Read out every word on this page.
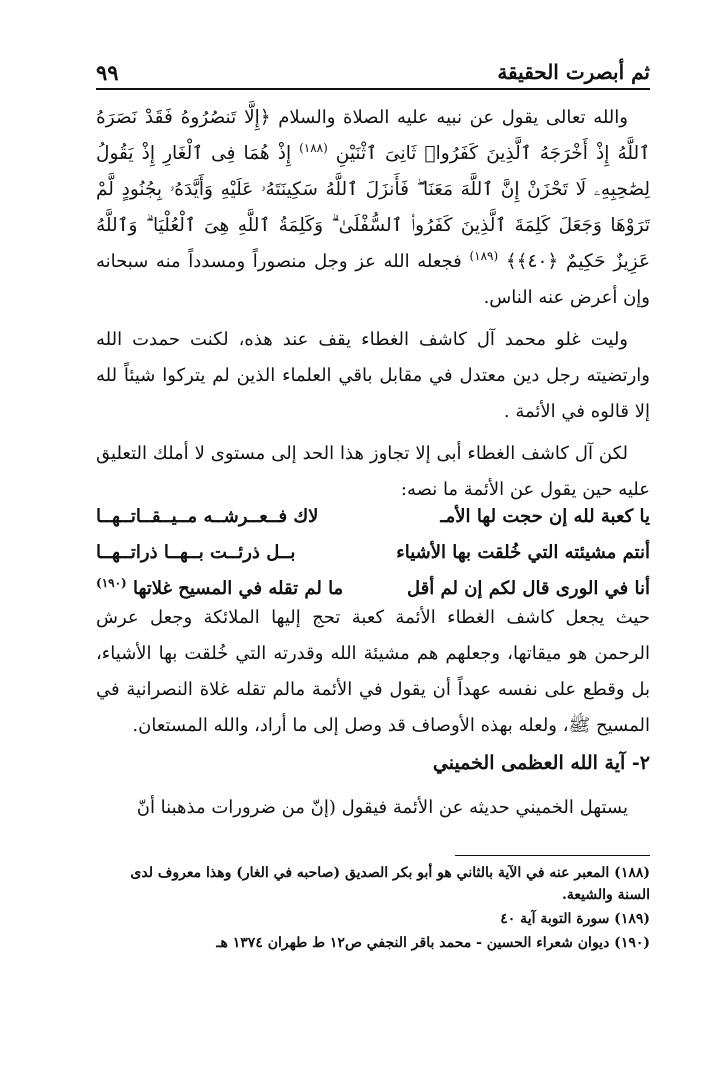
٩٩	ثم أبصرت الحقيقة

والله تعالى يقول عن نبيه عليه الصلاة والسلام ﴿إِلَّا تَنصُرُوهُ فَقَدْ نَصَرَهُ ٱللَّهُ إِذْ أَخْرَجَهُ ٱلَّذِينَ كَفَرُوا۟ ثَانِىَ ٱثْنَيْنِ $^{(١٨٨)}$ إِذْ هُمَا فِى ٱلْغَارِ إِذْ يَقُولُ لِصَٰحِبِهِۦ لَا تَحْزَنْ إِنَّ ٱللَّهَ مَعَنَا ۖ فَأَنزَلَ ٱللَّهُ سَكِينَتَهُۥ عَلَيْهِ وَأَيَّدَهُۥ بِجُنُودٍ لَّمْ تَرَوْهَا وَجَعَلَ كَلِمَةَ ٱلَّذِينَ كَفَرُوا۟ ٱلسُّفْلَىٰ ۗ وَكَلِمَةُ ٱللَّهِ هِىَ ٱلْعُلْيَا ۗ وَٱللَّهُ عَزِيزٌ حَكِيمٌ ﴿٤٠﴾﴾ $^{(١٨٩)}$ فجعله الله عز وجل منصوراً ومسدداً منه سبحانه وإن أعرض عنه الناس.

وليت غلو محمد آل كاشف الغطاء يقف عند هذه، لكنت حمدت الله وارتضيته رجل دين معتدل في مقابل باقي العلماء الذين لم يتركوا شيئاً لله إلا قالوه في الأئمة .

لكن آل كاشف الغطاء أبى إلا تجاوز هذا الحد إلى مستوى لا أملك التعليق عليه حين يقول عن الأئمة ما نصه:

يا كعبة لله إن حجت لها الأمـ
لاك فــعــرشــه مــيــقــاتــهــا
أنتم مشيئته التي خُلقت بها الأشياء
بــل ذرئــت بــهــا ذراتــهــا
أنا في الورى قال لكم إن لم أقل
ما لم تقله في المسيح غلاتها $^{(١٩٠)}$

حيث يجعل كاشف الغطاء الأئمة كعبة تحج إليها الملائكة وجعل عرش الرحمن هو ميقاتها، وجعلهم هم مشيئة الله وقدرته التي خُلقت بها الأشياء، بل وقطع على نفسه عهداً أن يقول في الأئمة مالم تقله غلاة النصرانية في المسيح ﷺ، ولعله بهذه الأوصاف قد وصل إلى ما أراد، والله المستعان.

٢- آية الله العظمى الخميني
يستهل الخميني حديثه عن الأئمة فيقول (إنّ من ضرورات مذهبنا أنّ

(١٨٨) المعبر عنه في الآية بالثاني هو أبو بكر الصديق (صاحبه في الغار) وهذا معروف لدى السنة والشيعة.

(١٨٩) سورة التوبة آية ٤٠

(١٩٠) ديوان شعراء الحسين - محمد باقر النجفي ص١٢ ط طهران ١٣٧٤ هـ
